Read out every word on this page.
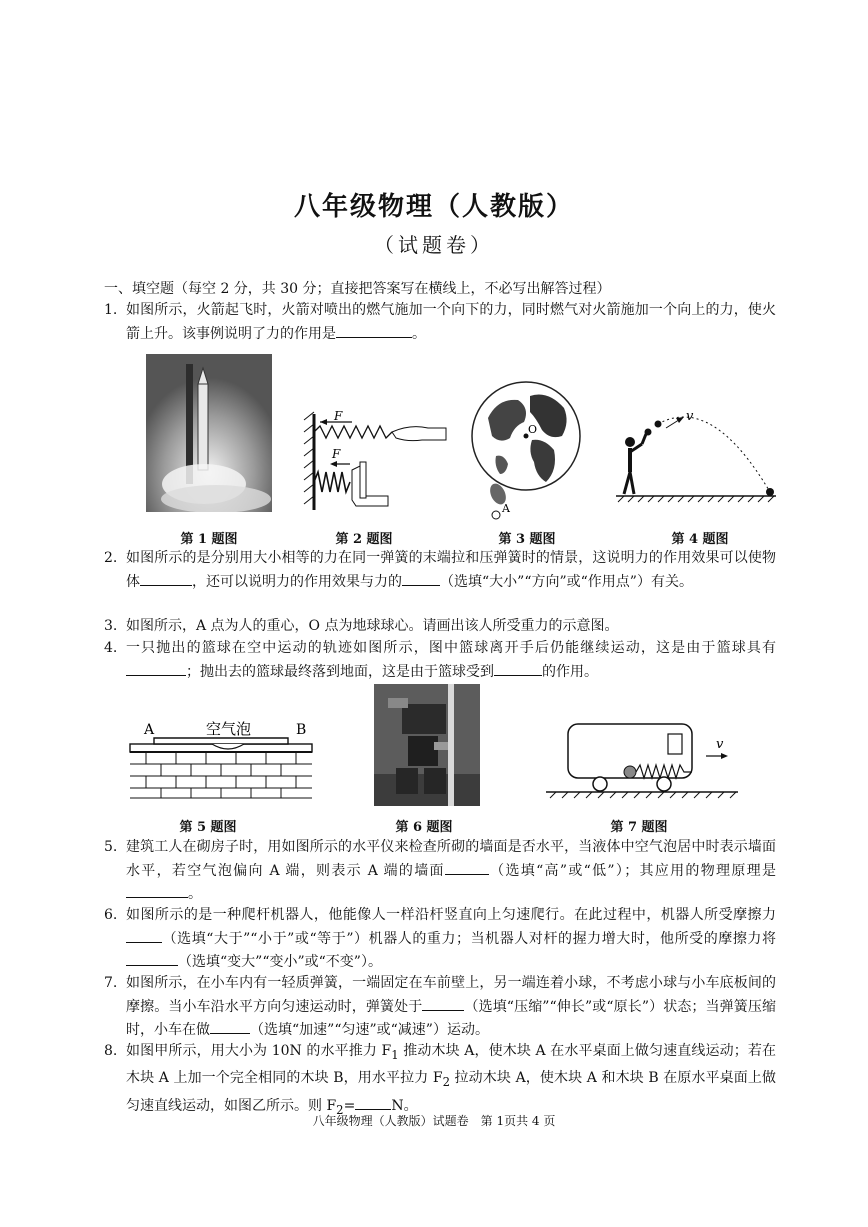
八年级物理（人教版）
（试题卷）
一、填空题（每空 2 分，共 30 分；直接把答案写在横线上，不必写出解答过程）
1. 如图所示，火箭起飞时，火箭对喷出的燃气施加一个向下的力，同时燃气对火箭施加一个向上的力，使火箭上升。该事例说明了力的作用是	。
第 1 题图
F
F
第 2 题图
O
A
第 3 题图
v
第 4 题图
2. 如图所示的是分别用大小相等的力在同一弹簧的末端拉和压弹簧时的情景，这说明力的作用效果可以使物体	，还可以说明力的作用效果与力的	（选填“大小”“方向”或“作用点”）有关。
3. 如图所示，A 点为人的重心，O 点为地球球心。请画出该人所受重力的示意图。
4. 一只抛出的篮球在空中运动的轨迹如图所示，图中篮球离开手后仍能继续运动，这是由于篮球具有；抛出去的篮球最终落到地面，这是由于篮球受到	的作用。
A	B
空气泡
第 5 题图	第 6 题图
v
第 7 题图
5. 建筑工人在砌房子时，用如图所示的水平仪来检查所砌的墙面是否水平，当液体中空气泡居中时表示墙面水平，若空气泡偏向 A 端，则表示 A 端的墙面	（选填“高”或“低”）；其应用的物理原理是。
6. 如图所示的是一种爬杆机器人，他能像人一样沿杆竖直向上匀速爬行。在此过程中，机器人所受摩擦力（选填“大于”“小于”或“等于”）机器人的重力；当机器人对杆的握力增大时，他所受的摩擦力将（选填“变大”“变小”或“不变”）。
7. 如图所示，在小车内有一轻质弹簧，一端固定在车前壁上，另一端连着小球，不考虑小球与小车底板间的摩擦。当小车沿水平方向匀速运动时，弹簧处于	（选填“压缩”“伸长”或“原长”）状态；当弹簧压缩时，小车在做	（选填“加速”“匀速”或“减速”）运动。
8. 如图甲所示，用大小为 10N 的水平推力 $F_1$ 推动木块 A，使木块 A 在水平桌面上做匀速直线运动；若在木块 A 上加一个完全相同的木块 B，用水平拉力 $F_2$ 拉动木块 A，使木块 A 和木块 B 在原水平桌面上做匀速直线运动，如图乙所示。则 $F_2=$	N。
八年级物理（人教版）试题卷　第 1页共 4 页
